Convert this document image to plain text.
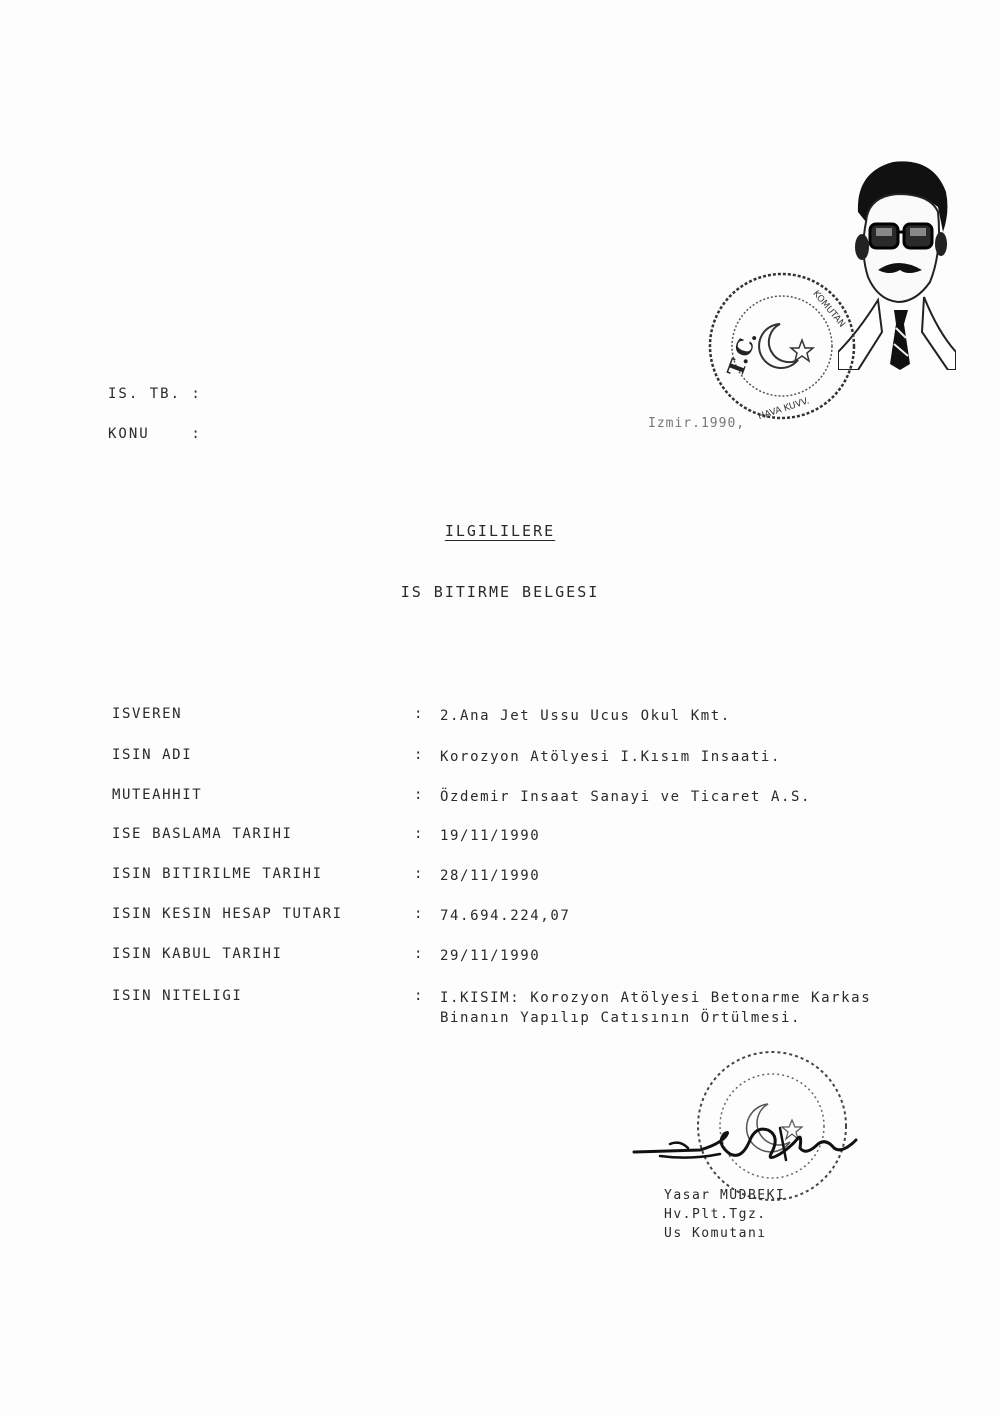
IS. TB. :
KONU    :
Izmir.1990,
T.C.
HAVA KUVV.
KOMUTAN
ILGILILERE
IS BITIRME BELGESI
ISVEREN	: 2.Ana Jet Ussu Ucus Okul Kmt.
ISIN ADI	: Korozyon Atölyesi I.Kısım Insaati.
MUTEAHHIT	: Özdemir Insaat Sanayi ve Ticaret A.S.
ISE BASLAMA TARIHI	: 19/11/1990
ISIN BITIRILME TARIHI	: 28/11/1990
ISIN KESIN HESAP TUTARI	: 74.694.224,07
ISIN KABUL TARIHI	: 29/11/1990
ISIN NITELIGI	: I.KISIM: Korozyon Atölyesi Betonarme Karkas Binanın Yapılıp Catısının Örtülmesi.
Yasar MUDBEKI
Hv.Plt.Tgz.
Us Komutanı
